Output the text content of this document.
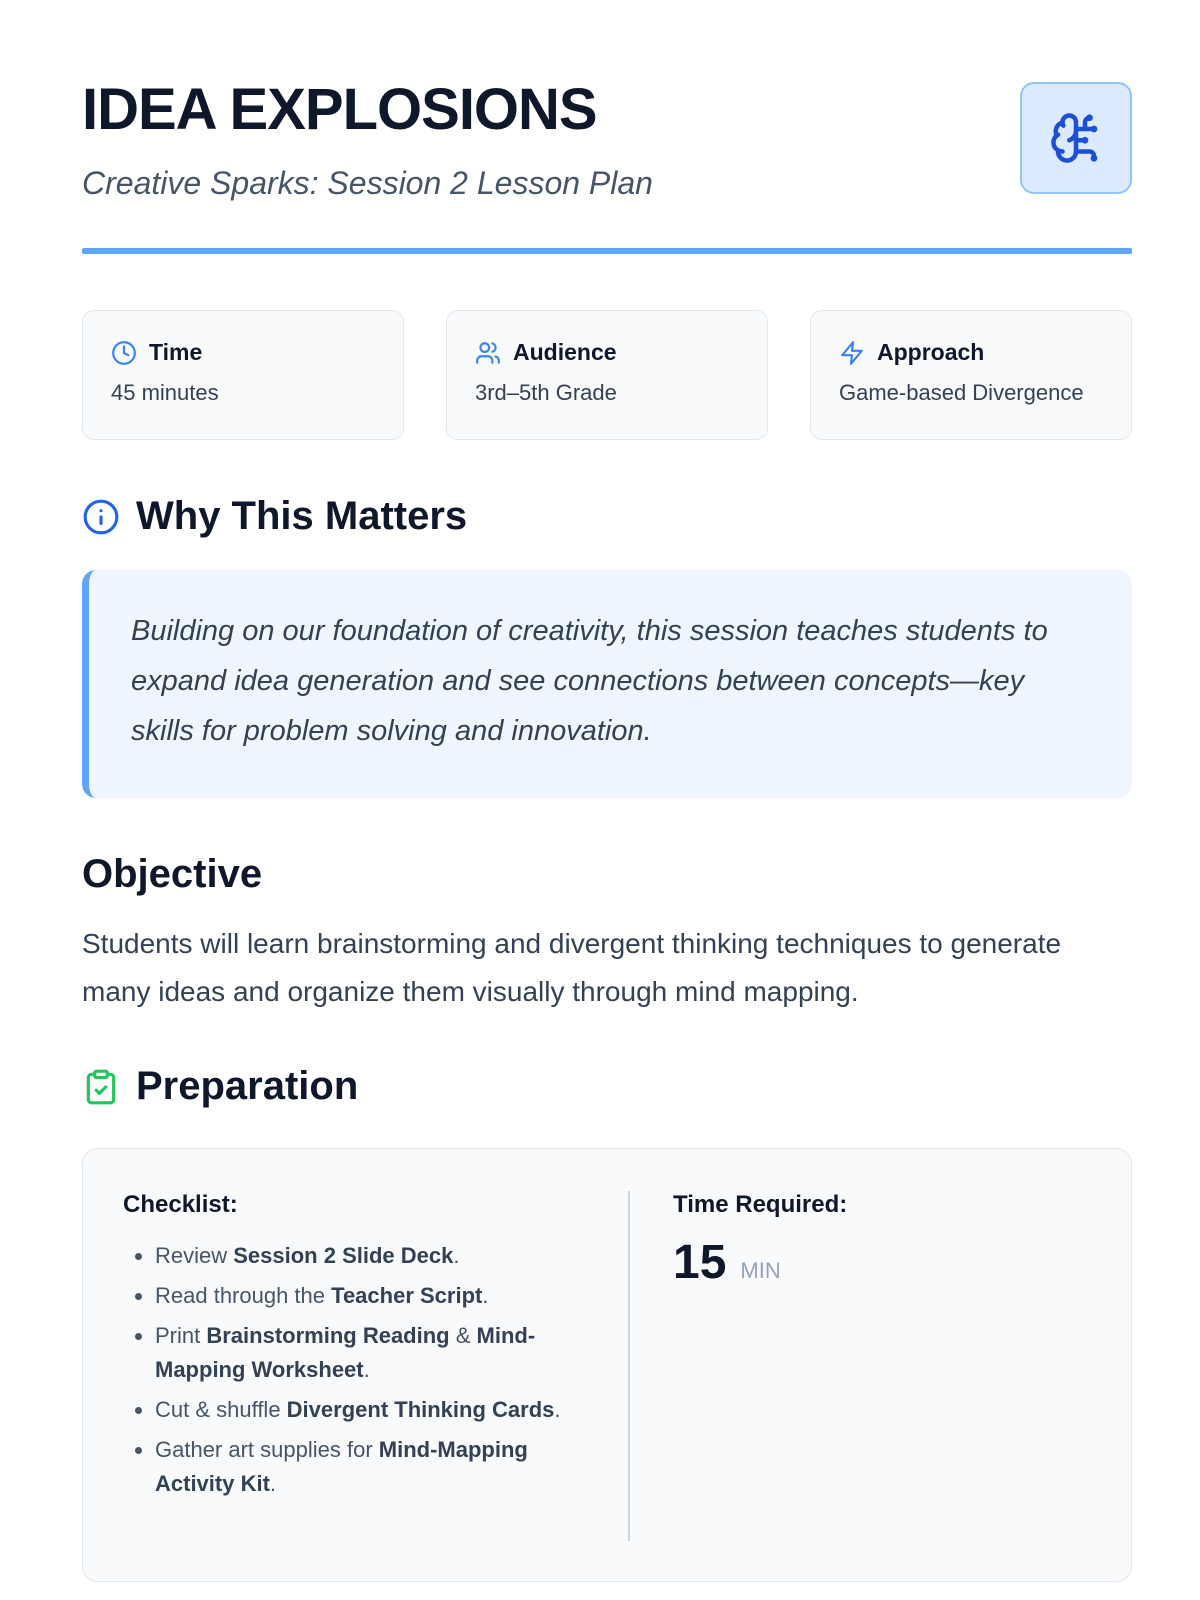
IDEA EXPLOSIONS
Creative Sparks: Session 2 Lesson Plan
Time
45 minutes
Audience
3rd–5th Grade
Approach
Game-based Divergence
Why This Matters
Building on our foundation of creativity, this session teaches students to expand idea generation and see connections between concepts—key skills for problem solving and innovation.
Objective
Students will learn brainstorming and divergent thinking techniques to generate many ideas and organize them visually through mind mapping.
Preparation
Checklist:
• Review Session 2 Slide Deck.
• Read through the Teacher Script.
• Print Brainstorming Reading & Mind-Mapping Worksheet.
• Cut & shuffle Divergent Thinking Cards.
• Gather art supplies for Mind-Mapping Activity Kit.
Time Required:
15 MIN
